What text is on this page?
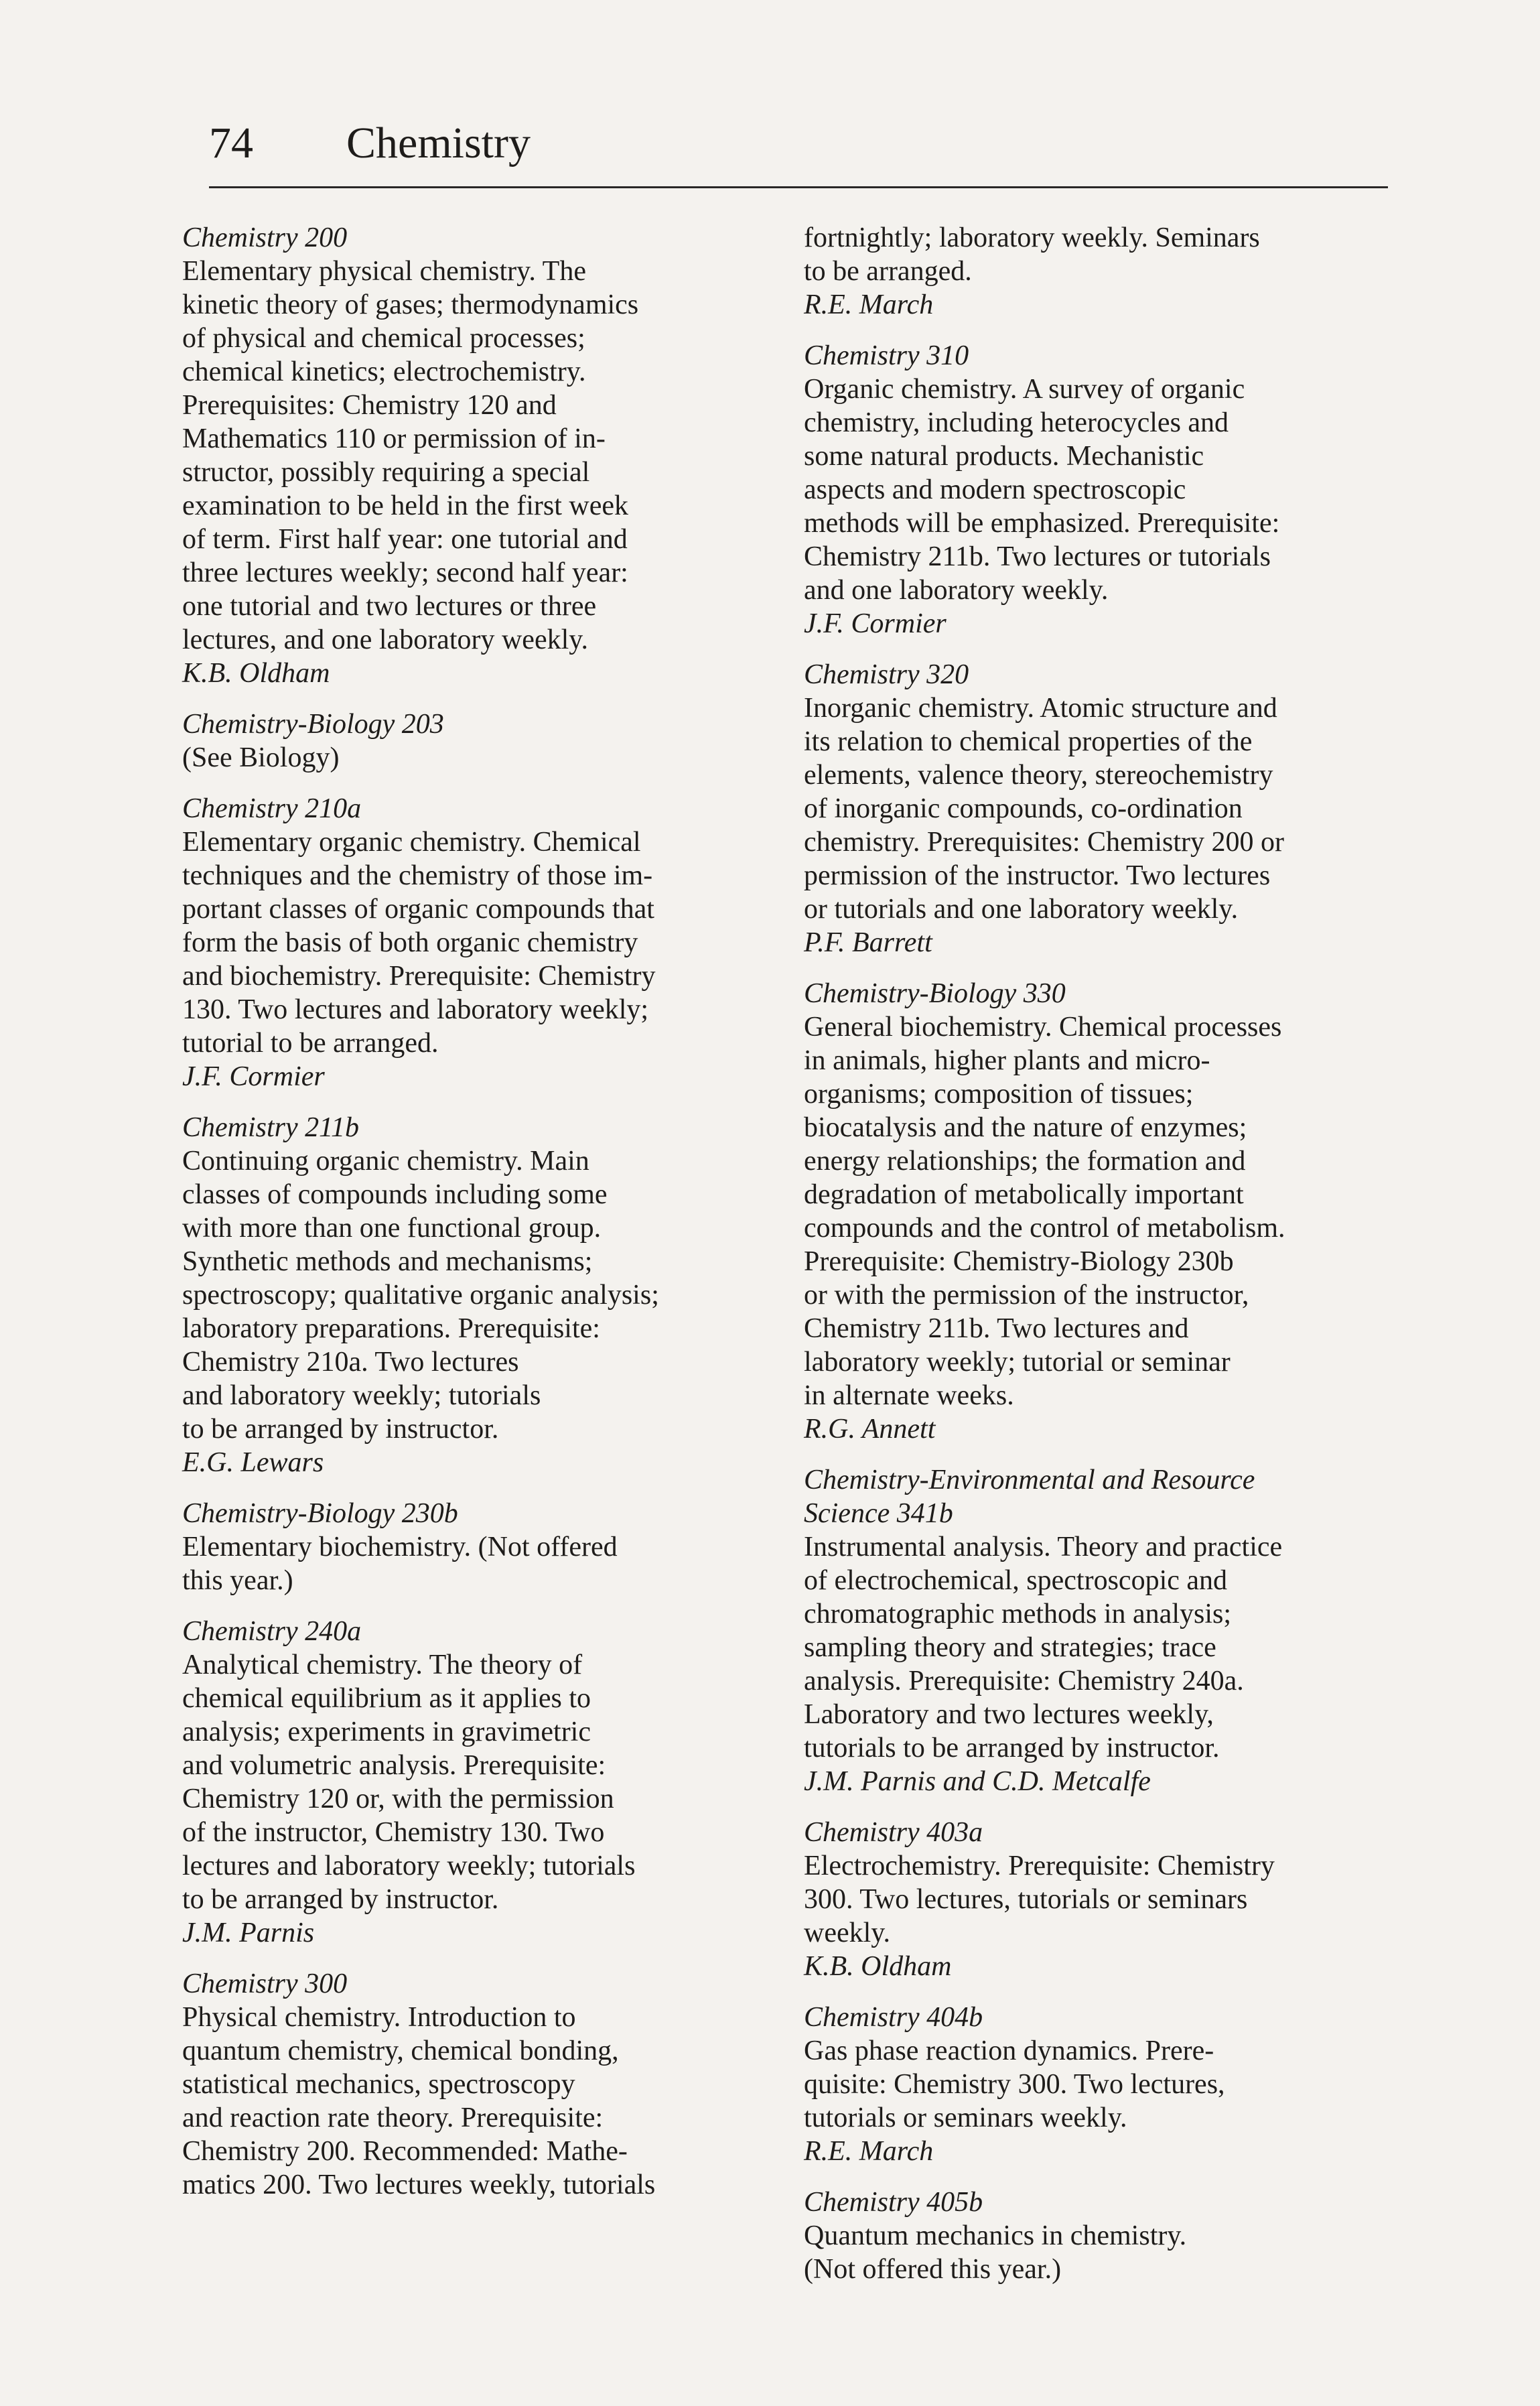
74 Chemistry
Chemistry 200
Elementary physical chemistry. The
kinetic theory of gases; thermodynamics
of physical and chemical processes;
chemical kinetics; electrochemistry.
Prerequisites: Chemistry 120 and
Mathematics 110 or permission of in-
structor, possibly requiring a special
examination to be held in the first week
of term. First half year: one tutorial and
three lectures weekly; second half year:
one tutorial and two lectures or three
lectures, and one laboratory weekly.
K.B. Oldham
Chemistry-Biology 203
(See Biology)
Chemistry 210a
Elementary organic chemistry. Chemical
techniques and the chemistry of those im-
portant classes of organic compounds that
form the basis of both organic chemistry
and biochemistry. Prerequisite: Chemistry
130. Two lectures and laboratory weekly;
tutorial to be arranged.
J.F. Cormier
Chemistry 211b
Continuing organic chemistry. Main
classes of compounds including some
with more than one functional group.
Synthetic methods and mechanisms;
spectroscopy; qualitative organic analysis;
laboratory preparations. Prerequisite:
Chemistry 210a. Two lectures
and laboratory weekly; tutorials
to be arranged by instructor.
E.G. Lewars
Chemistry-Biology 230b
Elementary biochemistry. (Not offered
this year.)
Chemistry 240a
Analytical chemistry. The theory of
chemical equilibrium as it applies to
analysis; experiments in gravimetric
and volumetric analysis. Prerequisite:
Chemistry 120 or, with the permission
of the instructor, Chemistry 130. Two
lectures and laboratory weekly; tutorials
to be arranged by instructor.
J.M. Parnis
Chemistry 300
Physical chemistry. Introduction to
quantum chemistry, chemical bonding,
statistical mechanics, spectroscopy
and reaction rate theory. Prerequisite:
Chemistry 200. Recommended: Mathe-
matics 200. Two lectures weekly, tutorials
fortnightly; laboratory weekly. Seminars
to be arranged.
R.E. March
Chemistry 310
Organic chemistry. A survey of organic
chemistry, including heterocycles and
some natural products. Mechanistic
aspects and modern spectroscopic
methods will be emphasized. Prerequisite:
Chemistry 211b. Two lectures or tutorials
and one laboratory weekly.
J.F. Cormier
Chemistry 320
Inorganic chemistry. Atomic structure and
its relation to chemical properties of the
elements, valence theory, stereochemistry
of inorganic compounds, co-ordination
chemistry. Prerequisites: Chemistry 200 or
permission of the instructor. Two lectures
or tutorials and one laboratory weekly.
P.F. Barrett
Chemistry-Biology 330
General biochemistry. Chemical processes
in animals, higher plants and micro-
organisms; composition of tissues;
biocatalysis and the nature of enzymes;
energy relationships; the formation and
degradation of metabolically important
compounds and the control of metabolism.
Prerequisite: Chemistry-Biology 230b
or with the permission of the instructor,
Chemistry 211b. Two lectures and
laboratory weekly; tutorial or seminar
in alternate weeks.
R.G. Annett
Chemistry-Environmental and Resource
Science 341b
Instrumental analysis. Theory and practice
of electrochemical, spectroscopic and
chromatographic methods in analysis;
sampling theory and strategies; trace
analysis. Prerequisite: Chemistry 240a.
Laboratory and two lectures weekly,
tutorials to be arranged by instructor.
J.M. Parnis and C.D. Metcalfe
Chemistry 403a
Electrochemistry. Prerequisite: Chemistry
300. Two lectures, tutorials or seminars
weekly.
K.B. Oldham
Chemistry 404b
Gas phase reaction dynamics. Prere-
quisite: Chemistry 300. Two lectures,
tutorials or seminars weekly.
R.E. March
Chemistry 405b
Quantum mechanics in chemistry.
(Not offered this year.)
